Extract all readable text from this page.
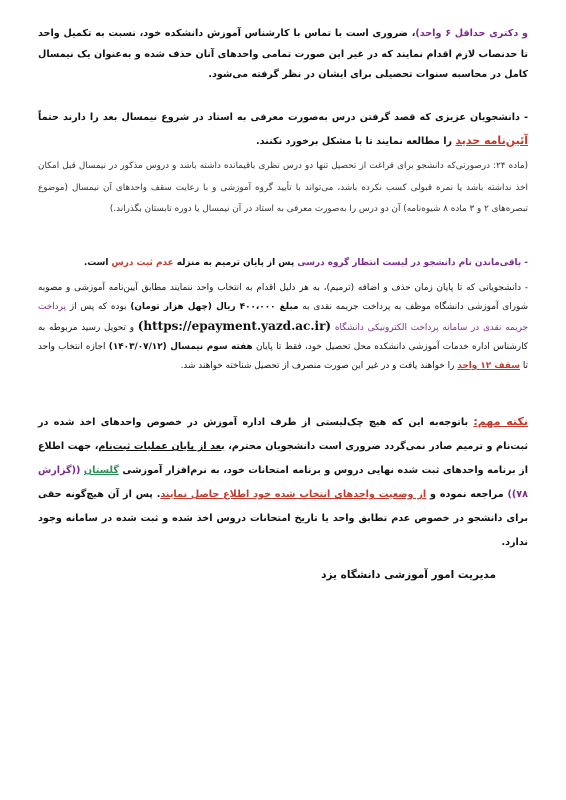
و دکتری حداقل ۶ واحد)، ضروری است با تماس با کارشناس آموزش دانشکده خود، نسبت به تکمیل واحد تا حدنصاب لازم اقدام نمایند که در غیر این صورت تمامی واحدهای آنان حذف شده و به‌عنوان یک نیمسال کامل در محاسبه سنوات تحصیلی برای ایشان در نظر گرفته می‌شود.
- دانشجویان عزیزی که قصد گرفتن درس به‌صورت معرفی به استاد در شروع نیمسال بعد را دارند حتماً آئین‌نامه جدید را مطالعه نمایند تا با مشکل برخورد نکنند.
(ماده ۲۴: درصورتی‌که دانشجو برای فراغت از تحصیل تنها دو درس نظری باقیمانده داشته باشد و دروس مذکور در نیمسال قبل امکان اخذ نداشته باشد یا نمره قبولی کسب نکرده باشد، می‌تواند با تأیید گروه آموزشی و با رعایت سقف واحدهای آن نیمسال (موضوع تبصره‌های ۲ و ۳ ماده ۸ شیوه‌نامه) آن دو درس را به‌صورت معرفی به استاد در آن نیمسال یا دوره تابستان بگذراند.)
- باقی‌ماندن نام دانشجو در لیست انتظار گروه درسی پس از پایان ترمیم به منزله عدم ثبت درس است.
- دانشجویانی که تا پایان زمان حذف و اضافه (ترمیم)، به هر دلیل اقدام به انتخاب واحد ننمایند مطابق آیین‌نامه آموزشی و مصوبه شورای آموزشی دانشگاه موظف به پرداخت جریمه نقدی به مبلغ ۴۰۰،۰۰۰ ریال (چهل هزار تومان) بوده که پس از پرداخت جریمه نقدی در سامانه پرداخت الکترونیکی دانشگاه (https://epayment.yazd.ac.ir) و تحویل رسید مربوطه به کارشناس اداره خدمات آموزشی دانشکده محل تحصیل خود، فقط تا پایان هفته سوم نیمسال (۱۴۰۳/۰۷/۱۲) اجازه انتخاب واحد تا سقف ۱۲ واحد را خواهند یافت و در غیر این صورت منصرف از تحصیل شناخته خواهند شد.
نکته مهم: باتوجه‌به این که هیچ چک‌لیستی از طرف اداره آموزش در خصوص واحدهای اخذ شده در ثبت‌نام و ترمیم صادر نمی‌گردد ضروری است دانشجویان محترم، بعد از پایان عملیات ثبت‌نام، جهت اطلاع از برنامه واحدهای ثبت شده نهایی دروس و برنامه امتحانات خود، به نرم‌افزار آموزشی گلستان ((گزارش ۷۸)) مراجعه نموده و از وضعیت واحدهای انتخاب شده خود اطلاع حاصل نمایند. پس از آن هیچ‌گونه حقی برای دانشجو در خصوص عدم تطابق واحد یا تاریخ امتحانات دروس اخذ شده و ثبت شده در سامانه وجود ندارد.
مدیریت امور آموزشی دانشگاه یزد
